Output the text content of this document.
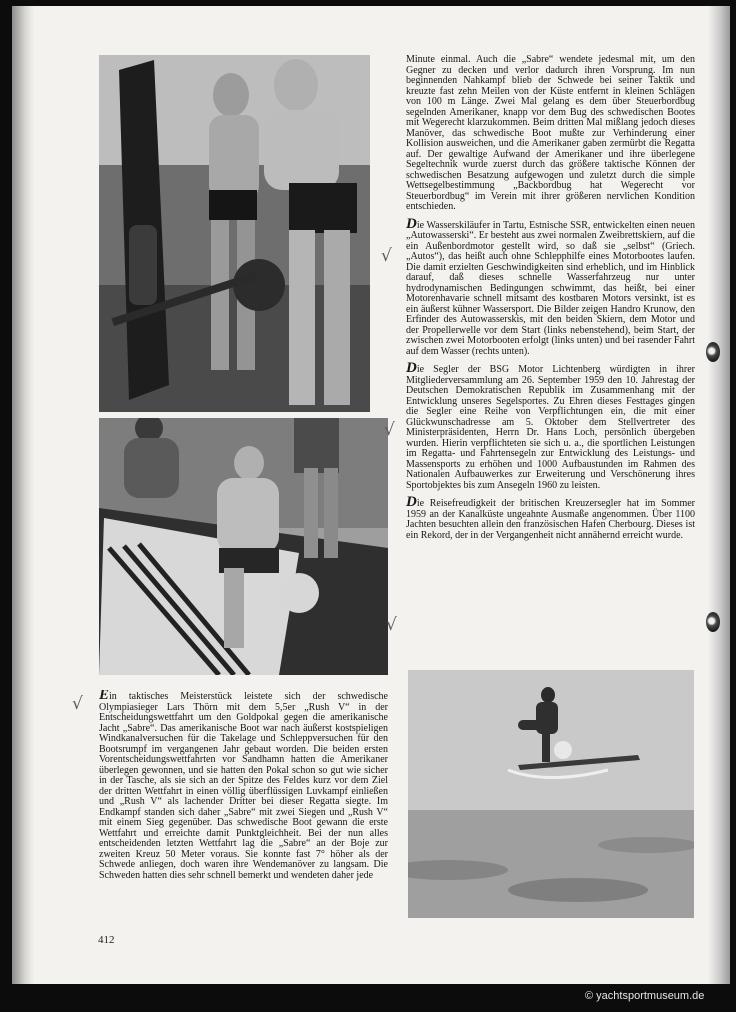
√
√
√
√

Minute einmal. Auch die „Sabre“ wendete jedesmal mit, um den Gegner zu decken und verlor dadurch ihren Vorsprung. Im nun beginnenden Nahkampf blieb der Schwede bei seiner Taktik und kreuzte fast zehn Meilen von der Küste entfernt in kleinen Schlägen von 100 m Länge. Zwei Mal gelang es dem über Steuerbordbug segelnden Amerikaner, knapp vor dem Bug des schwedischen Bootes mit Wegerecht klarzukommen. Beim dritten Mal mißlang jedoch dieses Manöver, das schwedische Boot mußte zur Verhinderung einer Kollision ausweichen, und die Amerikaner gaben zermürbt die Regatta auf. Der gewaltige Aufwand der Amerikaner und ihre überlegene Segeltechnik wurde zuerst durch das größere taktische Können der schwedischen Besatzung aufgewogen und zuletzt durch die simple Wettsegelbestimmung „Backbordbug hat Wegerecht vor Steuerbordbug“ im Verein mit ihrer größeren nervlichen Kondition entschieden.

Die Wasserskiläufer in Tartu, Estnische SSR, entwickelten einen neuen „Autowasserski“. Er besteht aus zwei normalen Zweibrettskiern, auf die ein Außenbordmotor gestellt wird, so daß sie „selbst“ (Griech. „Autos“), das heißt auch ohne Schlepphilfe eines Motorbootes laufen. Die damit erzielten Geschwindigkeiten sind erheblich, und im Hinblick darauf, daß dieses schnelle Wasserfahrzeug nur unter hydrodynamischen Bedingungen schwimmt, das heißt, bei einer Motorenhavarie schnell mitsamt des kostbaren Motors versinkt, ist es ein äußerst kühner Wassersport. Die Bilder zeigen Handro Krunow, den Erfinder des Autowasserskis, mit den beiden Skiern, dem Motor und der Propellerwelle vor dem Start (links nebenstehend), beim Start, der zwischen zwei Motorbooten erfolgt (links unten) und bei rasender Fahrt auf dem Wasser (rechts unten).

Die Segler der BSG Motor Lichtenberg würdigten in ihrer Mitgliederversammlung am 26. September 1959 den 10. Jahrestag der Deutschen Demokratischen Republik im Zusammenhang mit der Entwicklung unseres Segelsportes. Zu Ehren dieses Festtages gingen die Segler eine Reihe von Verpflichtungen ein, die mit einer Glückwunschadresse am 5. Oktober dem Stellvertreter des Ministerpräsidenten, Herrn Dr. Hans Loch, persönlich übergeben wurden. Hierin verpflichteten sie sich u. a., die sportlichen Leistungen im Regatta- und Fahrtensegeln zur Entwicklung des Leistungs- und Massensports zu erhöhen und 1000 Aufbaustunden im Rahmen des Nationalen Aufbauwerkes zur Erweiterung und Verschönerung ihres Sportobjektes bis zum Ansegeln 1960 zu leisten.

Die Reisefreudigkeit der britischen Kreuzersegler hat im Sommer 1959 an der Kanalküste ungeahnte Ausmaße angenommen. Über 1100 Jachten besuchten allein den französischen Hafen Cherbourg. Dieses ist ein Rekord, der in der Vergangenheit nicht annähernd erreicht wurde.

Ein taktisches Meisterstück leistete sich der schwedische Olympiasieger Lars Thörn mit dem 5,5er „Rush V“ in der Entscheidungswettfahrt um den Goldpokal gegen die amerikanische Jacht „Sabre“. Das amerikanische Boot war nach äußerst kostspieligen Windkanalversuchen für die Takelage und Schleppversuchen für den Bootsrumpf im vergangenen Jahr gebaut worden. Die beiden ersten Vorentscheidungswettfahrten vor Sandhamn hatten die Amerikaner überlegen gewonnen, und sie hatten den Pokal schon so gut wie sicher in der Tasche, als sie sich an der Spitze des Feldes kurz vor dem Ziel der dritten Wettfahrt in einen völlig überflüssigen Luvkampf einließen und „Rush V“ als lachender Dritter bei dieser Regatta siegte. Im Endkampf standen sich daher „Sabre“ mit zwei Siegen und „Rush V“ mit einem Sieg gegenüber. Das schwedische Boot gewann die erste Wettfahrt und erreichte damit Punktgleichheit. Bei der nun alles entscheidenden letzten Wettfahrt lag die „Sabre“ an der Boje zur zweiten Kreuz 50 Meter voraus. Sie konnte fast 7° höher als der Schwede anliegen, doch waren ihre Wendemanöver zu langsam. Die Schweden hatten dies sehr schnell bemerkt und wendeten daher jede

412
© yachtsportmuseum.de
